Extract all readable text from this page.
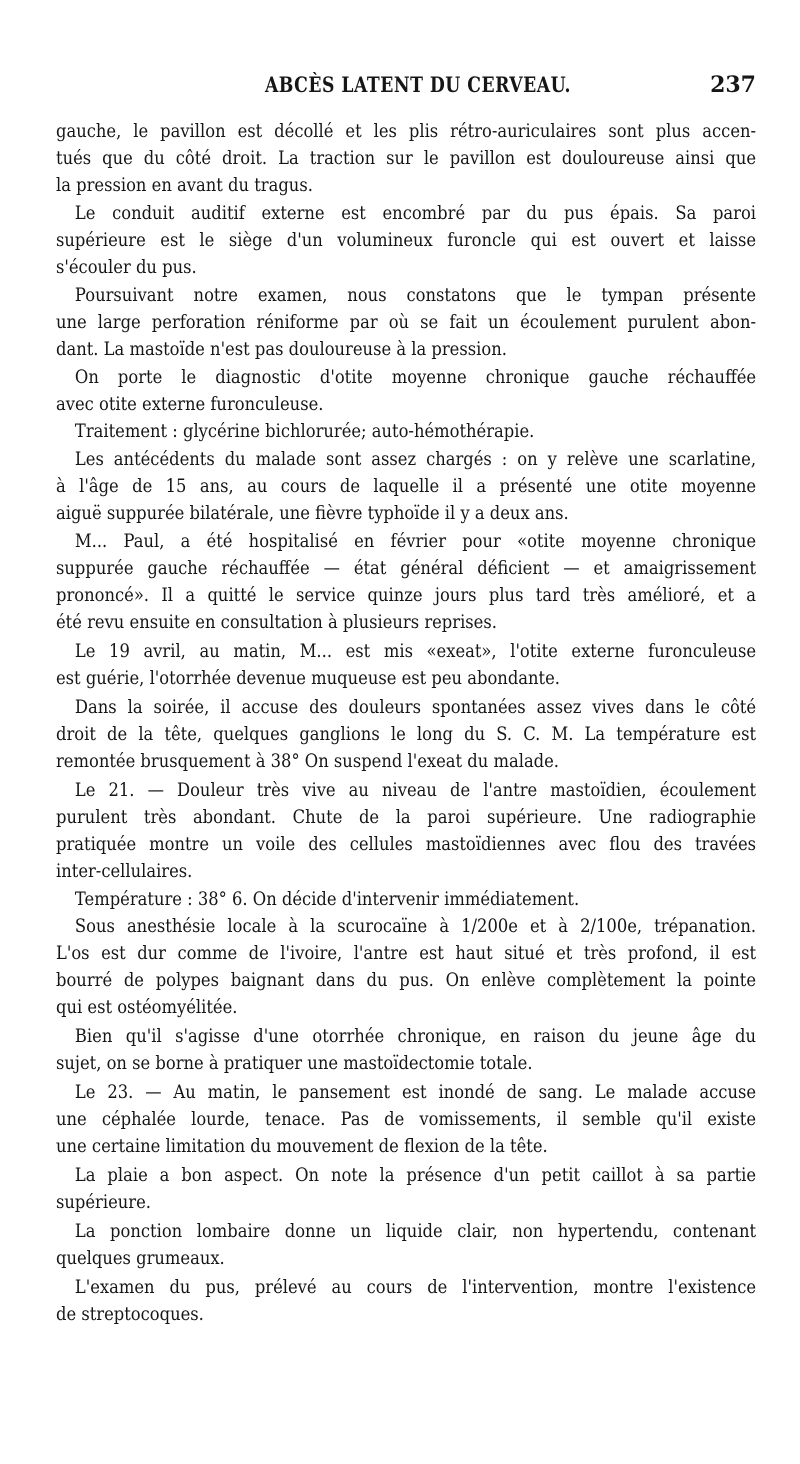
ABCÈS LATENT DU CERVEAU.	237
gauche, le pavillon est décollé et les plis rétro-auriculaires sont plus accen-
tués que du côté droit. La traction sur le pavillon est douloureuse ainsi que
la pression en avant du tragus.
Le conduit auditif externe est encombré par du pus épais. Sa paroi
supérieure est le siège d'un volumineux furoncle qui est ouvert et laisse
s'écouler du pus.
Poursuivant notre examen, nous constatons que le tympan présente
une large perforation réniforme par où se fait un écoulement purulent abon-
dant. La mastoïde n'est pas douloureuse à la pression.
On porte le diagnostic d'otite moyenne chronique gauche réchauffée
avec otite externe furonculeuse.
Traitement : glycérine bichlorurée; auto-hémothérapie.
Les antécédents du malade sont assez chargés : on y relève une scarlatine,
à l'âge de 15 ans, au cours de laquelle il a présenté une otite moyenne
aiguë suppurée bilatérale, une fièvre typhoïde il y a deux ans.
M... Paul, a été hospitalisé en février pour «otite moyenne chronique
suppurée gauche réchauffée — état général déficient — et amaigrissement
prononcé». Il a quitté le service quinze jours plus tard très amélioré, et a
été revu ensuite en consultation à plusieurs reprises.
Le 19 avril, au matin, M... est mis «exeat», l'otite externe furonculeuse
est guérie, l'otorrhée devenue muqueuse est peu abondante.
Dans la soirée, il accuse des douleurs spontanées assez vives dans le côté
droit de la tête, quelques ganglions le long du S. C. M. La température est
remontée brusquement à 38° On suspend l'exeat du malade.
Le 21. — Douleur très vive au niveau de l'antre mastoïdien, écoulement
purulent très abondant. Chute de la paroi supérieure. Une radiographie
pratiquée montre un voile des cellules mastoïdiennes avec flou des travées
inter-cellulaires.
Température : 38° 6. On décide d'intervenir immédiatement.
Sous anesthésie locale à la scurocaïne à 1/200e et à 2/100e, trépanation.
L'os est dur comme de l'ivoire, l'antre est haut situé et très profond, il est
bourré de polypes baignant dans du pus. On enlève complètement la pointe
qui est ostéomyélitée.
Bien qu'il s'agisse d'une otorrhée chronique, en raison du jeune âge du
sujet, on se borne à pratiquer une mastoïdectomie totale.
Le 23. — Au matin, le pansement est inondé de sang. Le malade accuse
une céphalée lourde, tenace. Pas de vomissements, il semble qu'il existe
une certaine limitation du mouvement de flexion de la tête.
La plaie a bon aspect. On note la présence d'un petit caillot à sa partie
supérieure.
La ponction lombaire donne un liquide clair, non hypertendu, contenant
quelques grumeaux.
L'examen du pus, prélevé au cours de l'intervention, montre l'existence
de streptocoques.
